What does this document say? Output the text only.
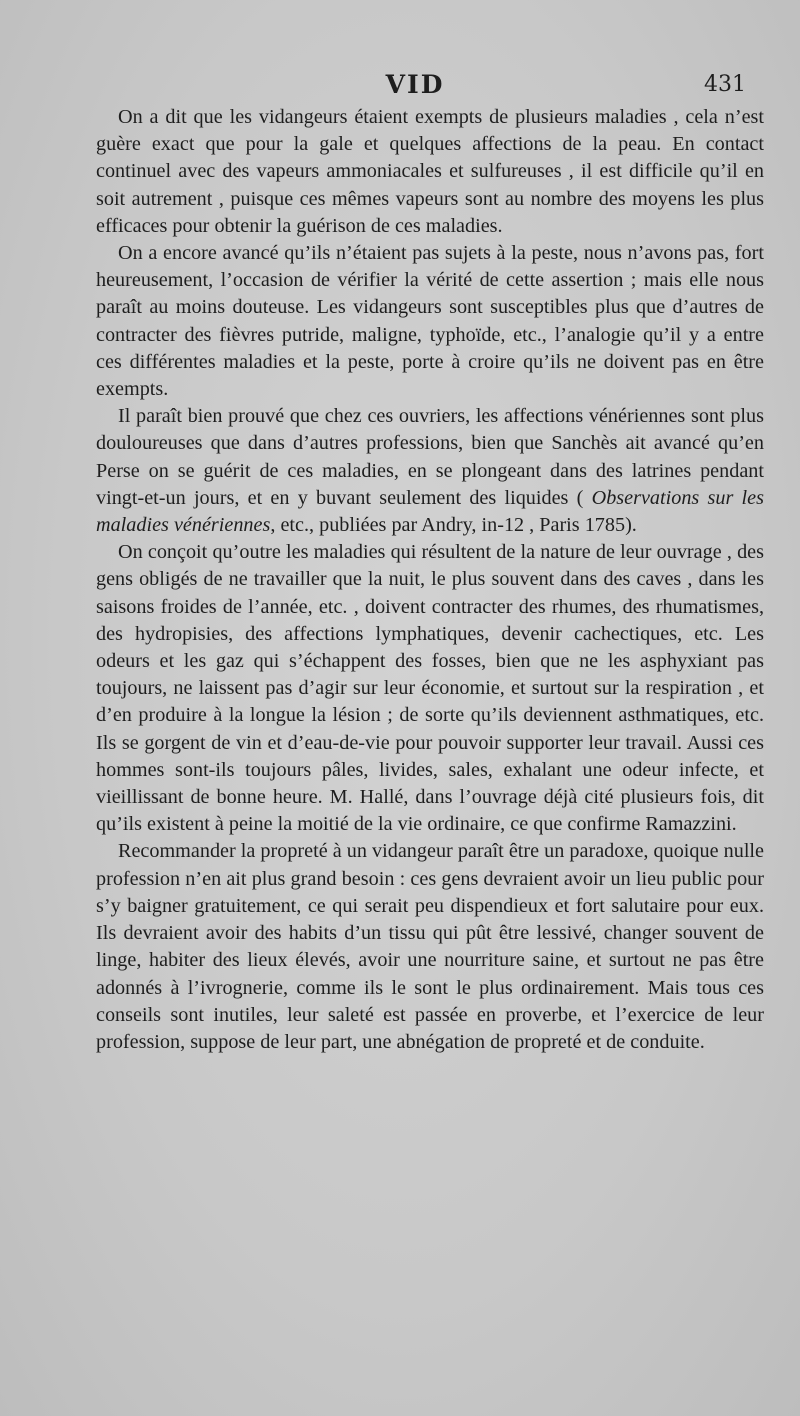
VID	431

On a dit que les vidangeurs étaient exempts de plusieurs maladies , cela n’est guère exact que pour la gale et quelques affections de la peau. En contact continuel avec des vapeurs ammoniacales et sulfureuses , il est difficile qu’il en soit autrement , puisque ces mêmes vapeurs sont au nombre des moyens les plus efficaces pour obtenir la guérison de ces maladies.

On a encore avancé qu’ils n’étaient pas sujets à la peste, nous n’avons pas, fort heureusement, l’occasion de vérifier la vérité de cette assertion ; mais elle nous paraît au moins douteuse. Les vidangeurs sont susceptibles plus que d’autres de contracter des fièvres putride, maligne, typhoïde, etc., l’analogie qu’il y a entre ces différentes maladies et la peste, porte à croire qu’ils ne doivent pas en être exempts.

Il paraît bien prouvé que chez ces ouvriers, les affections vénériennes sont plus douloureuses que dans d’autres professions, bien que Sanchès ait avancé qu’en Perse on se guérit de ces maladies, en se plongeant dans des latrines pendant vingt-et-un jours, et en y buvant seulement des liquides ( Observations sur les maladies vénériennes, etc., publiées par Andry, in-12 , Paris 1785).

On conçoit qu’outre les maladies qui résultent de la nature de leur ouvrage , des gens obligés de ne travailler que la nuit, le plus souvent dans des caves , dans les saisons froides de l’année, etc. , doivent contracter des rhumes, des rhumatismes, des hydropisies, des affections lymphatiques, devenir cachectiques, etc. Les odeurs et les gaz qui s’échappent des fosses, bien que ne les asphyxiant pas toujours, ne laissent pas d’agir sur leur économie, et surtout sur la respiration , et d’en produire à la longue la lésion ; de sorte qu’ils deviennent asthmatiques, etc. Ils se gorgent de vin et d’eau-de-vie pour pouvoir supporter leur travail. Aussi ces hommes sont-ils toujours pâles, livides, sales, exhalant une odeur infecte, et vieillissant de bonne heure. M. Hallé, dans l’ouvrage déjà cité plusieurs fois, dit qu’ils existent à peine la moitié de la vie ordinaire, ce que confirme Ramazzini.

Recommander la propreté à un vidangeur paraît être un paradoxe, quoique nulle profession n’en ait plus grand besoin : ces gens devraient avoir un lieu public pour s’y baigner gratuitement, ce qui serait peu dispendieux et fort salutaire pour eux. Ils devraient avoir des habits d’un tissu qui pût être lessivé, changer souvent de linge, habiter des lieux élevés, avoir une nourriture saine, et surtout ne pas être adonnés à l’ivrognerie, comme ils le sont le plus ordinairement. Mais tous ces conseils sont inutiles, leur saleté est passée en proverbe, et l’exercice de leur profession, suppose de leur part, une abnégation de propreté et de conduite.
